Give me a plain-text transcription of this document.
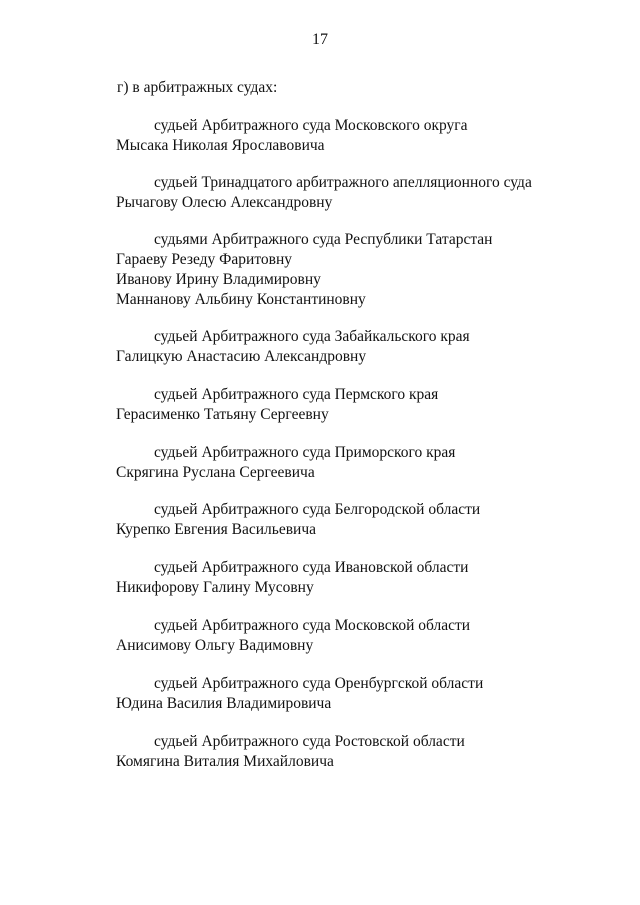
17
г) в арбитражных судах:
судьей Арбитражного суда Московского округа
Мысака Николая Ярославовича
судьей Тринадцатого арбитражного апелляционного суда
Рычагову Олесю Александровну
судьями Арбитражного суда Республики Татарстан
Гараеву Резеду Фаритовну
Иванову Ирину Владимировну
Маннанову Альбину Константиновну
судьей Арбитражного суда Забайкальского края
Галицкую Анастасию Александровну
судьей Арбитражного суда Пермского края
Герасименко Татьяну Сергеевну
судьей Арбитражного суда Приморского края
Скрягина Руслана Сергеевича
судьей Арбитражного суда Белгородской области
Курепко Евгения Васильевича
судьей Арбитражного суда Ивановской области
Никифорову Галину Мусовну
судьей Арбитражного суда Московской области
Анисимову Ольгу Вадимовну
судьей Арбитражного суда Оренбургской области
Юдина Василия Владимировича
судьей Арбитражного суда Ростовской области
Комягина Виталия Михайловича
